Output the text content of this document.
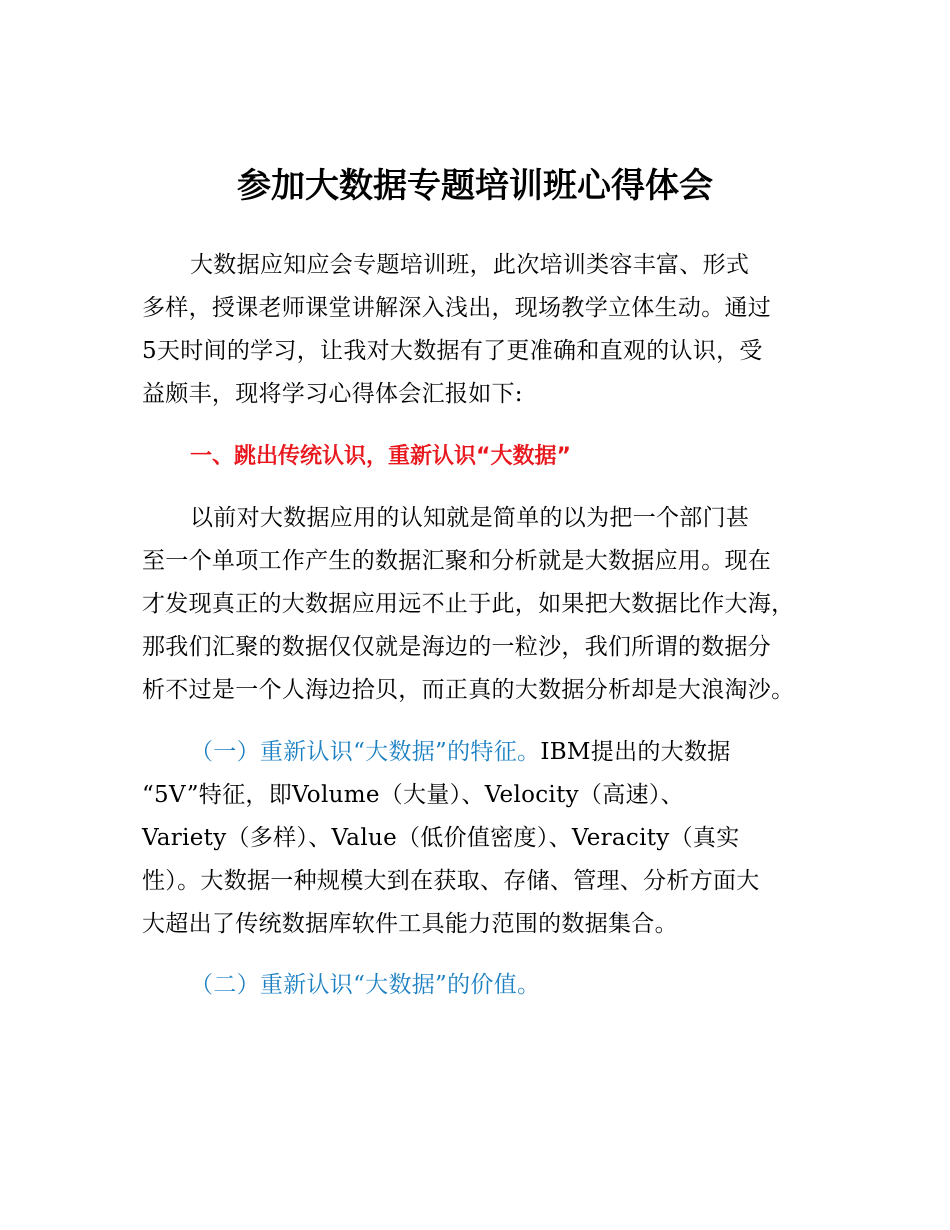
参加大数据专题培训班心得体会
大数据应知应会专题培训班，此次培训类容丰富、形式
多样，授课老师课堂讲解深入浅出，现场教学立体生动。通过
5天时间的学习，让我对大数据有了更准确和直观的认识，受
益颇丰，现将学习心得体会汇报如下:
一、跳出传统认识，重新认识“大数据”
以前对大数据应用的认知就是简单的以为把一个部门甚
至一个单项工作产生的数据汇聚和分析就是大数据应用。现在
才发现真正的大数据应用远不止于此，如果把大数据比作大海，
那我们汇聚的数据仅仅就是海边的一粒沙，我们所谓的数据分
析不过是一个人海边拾贝，而正真的大数据分析却是大浪淘沙。
（一）重新认识“大数据”的特征。IBM提出的大数据
“5V”特征，即Volume（大量）、Velocity（高速）、
Variety（多样）、Value（低价值密度）、Veracity（真实
性）。大数据一种规模大到在获取、存储、管理、分析方面大
大超出了传统数据库软件工具能力范围的数据集合。
（二）重新认识“大数据”的价值。
